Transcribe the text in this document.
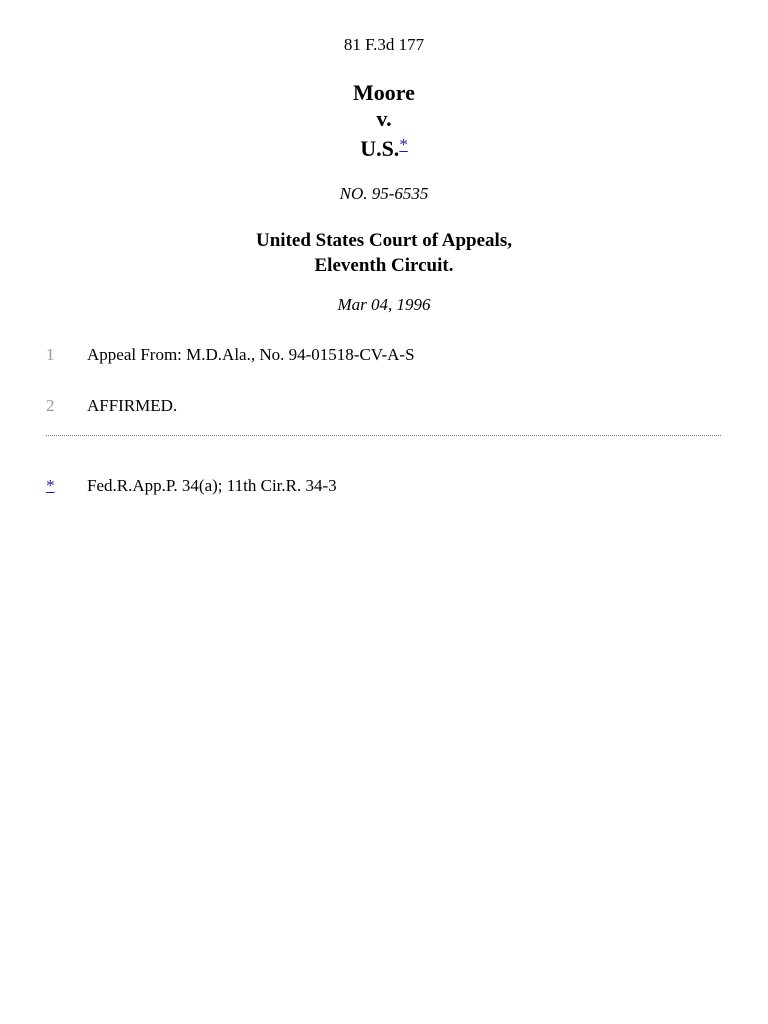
81 F.3d 177
Moore
v.
U.S.*
NO. 95-6535
United States Court of Appeals,
Eleventh Circuit.
Mar 04, 1996
1 Appeal From: M.D.Ala., No. 94-01518-CV-A-S
2 AFFIRMED.
* Fed.R.App.P. 34(a); 11th Cir.R. 34-3
